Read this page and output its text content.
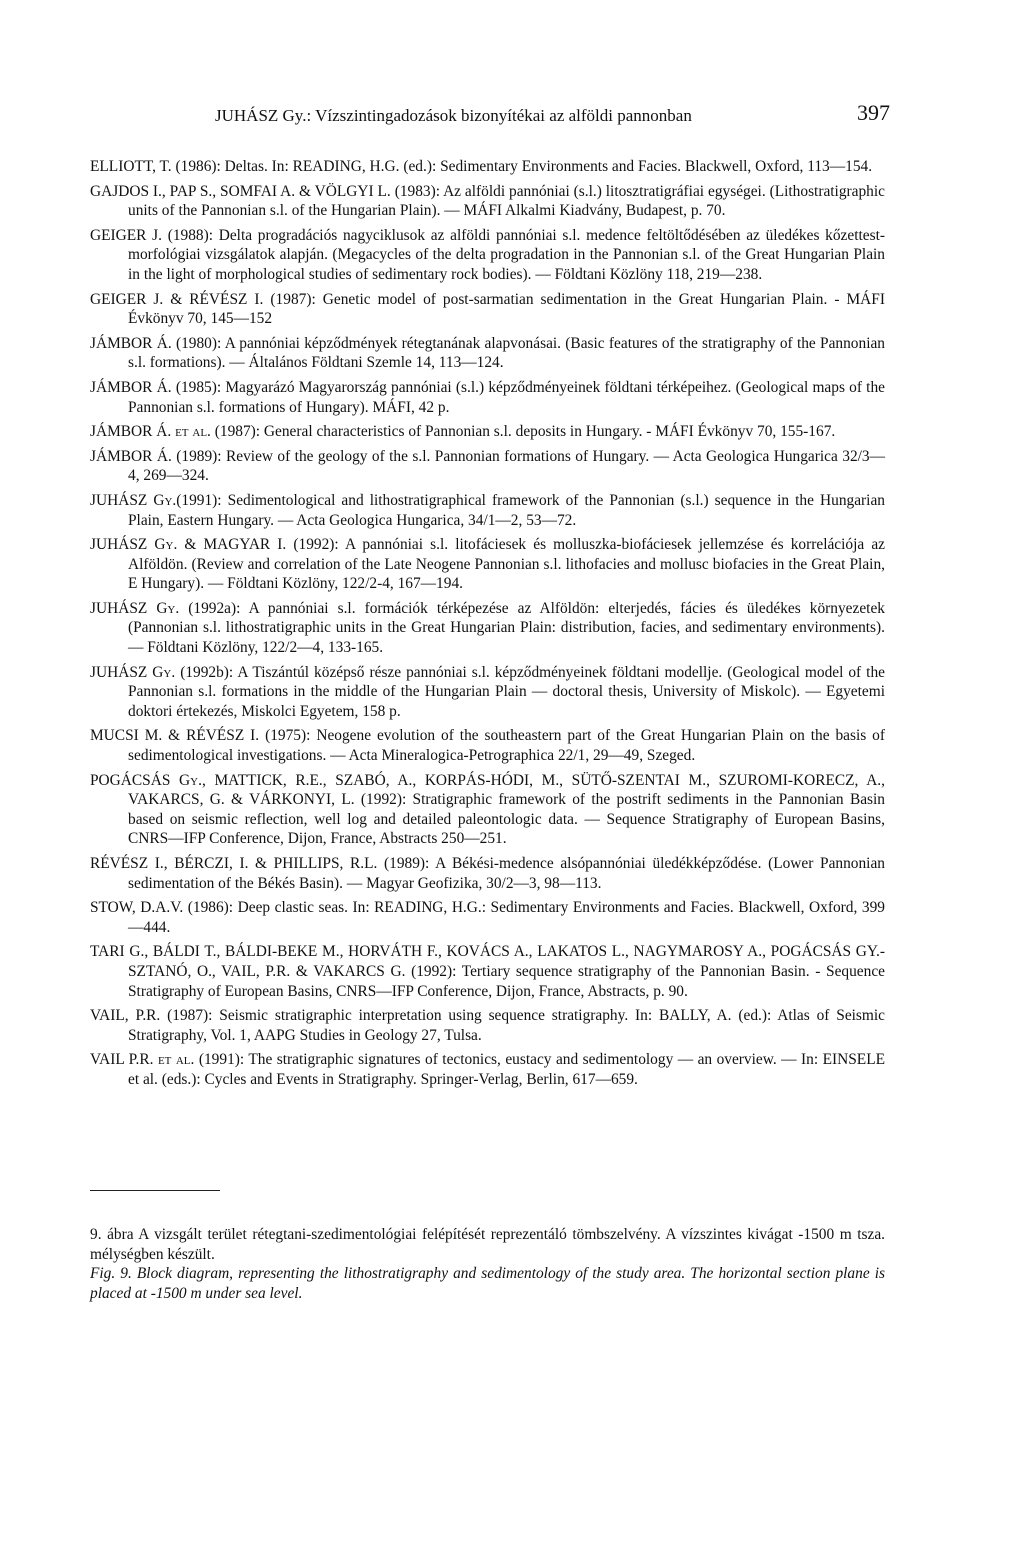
JUHÁSZ Gy.: Vízszintingadozások bizonyítékai az alföldi pannonban	397

ELLIOTT, T. (1986): Deltas. In: READING, H.G. (ed.): Sedimentary Environments and Facies. Blackwell, Oxford, 113—154.

GAJDOS I., PAP S., SOMFAI A. & VÖLGYI L. (1983): Az alföldi pannóniai (s.l.) litosztratigráfiai egységei. (Lithostratigraphic units of the Pannonian s.l. of the Hungarian Plain). — MÁFI Alkalmi Kiadvány, Budapest, p. 70.

GEIGER J. (1988): Delta progradációs nagyciklusok az alföldi pannóniai s.l. medence feltöltődésében az üledékes kőzettest-morfológiai vizsgálatok alapján. (Megacycles of the delta progradation in the Pannonian s.l. of the Great Hungarian Plain in the light of morphological studies of sedimentary rock bodies). — Földtani Közlöny 118, 219—238.

GEIGER J. & RÉVÉSZ I. (1987): Genetic model of post-sarmatian sedimentation in the Great Hungarian Plain. - MÁFI Évkönyv 70, 145—152

JÁMBOR Á. (1980): A pannóniai képződmények rétegtanának alapvonásai. (Basic features of the stratigraphy of the Pannonian s.l. formations). — Általános Földtani Szemle 14, 113—124.

JÁMBOR Á. (1985): Magyarázó Magyarország pannóniai (s.l.) képződményeinek földtani térképeihez. (Geological maps of the Pannonian s.l. formations of Hungary). MÁFI, 42 p.

JÁMBOR Á. et al. (1987): General characteristics of Pannonian s.l. deposits in Hungary. - MÁFI Évkönyv 70, 155-167.

JÁMBOR Á. (1989): Review of the geology of the s.l. Pannonian formations of Hungary. — Acta Geologica Hungarica 32/3—4, 269—324.

JUHÁSZ Gy.(1991): Sedimentological and lithostratigraphical framework of the Pannonian (s.l.) sequence in the Hungarian Plain, Eastern Hungary. — Acta Geologica Hungarica, 34/1—2, 53—72.

JUHÁSZ Gy. & MAGYAR I. (1992): A pannóniai s.l. litofáciesek és molluszka-biofáciesek jellemzése és korrelációja az Alföldön. (Review and correlation of the Late Neogene Pannonian s.l. lithofacies and mollusc biofacies in the Great Plain, E Hungary). — Földtani Közlöny, 122/2-4, 167—194.

JUHÁSZ Gy. (1992a): A pannóniai s.l. formációk térképezése az Alföldön: elterjedés, fácies és üledékes környezetek (Pannonian s.l. lithostratigraphic units in the Great Hungarian Plain: distribution, facies, and sedimentary environments). — Földtani Közlöny, 122/2—4, 133-165.

JUHÁSZ Gy. (1992b): A Tiszántúl középső része pannóniai s.l. képződményeinek földtani modellje. (Geological model of the Pannonian s.l. formations in the middle of the Hungarian Plain — doctoral thesis, University of Miskolc). — Egyetemi doktori értekezés, Miskolci Egyetem, 158 p.

MUCSI M. & RÉVÉSZ I. (1975): Neogene evolution of the southeastern part of the Great Hungarian Plain on the basis of sedimentological investigations. — Acta Mineralogica-Petrographica 22/1, 29—49, Szeged.

POGÁCSÁS Gy., MATTICK, R.E., SZABÓ, A., KORPÁS-HÓDI, M., SÜTŐ-SZENTAI M., SZUROMI-KORECZ, A., VAKARCS, G. & VÁRKONYI, L. (1992): Stratigraphic framework of the postrift sediments in the Pannonian Basin based on seismic reflection, well log and detailed paleontologic data. — Sequence Stratigraphy of European Basins, CNRS—IFP Conference, Dijon, France, Abstracts 250—251.

RÉVÉSZ I., BÉRCZI, I. & PHILLIPS, R.L. (1989): A Békési-medence alsópannóniai üledékképződése. (Lower Pannonian sedimentation of the Békés Basin). — Magyar Geofizika, 30/2—3, 98—113.

STOW, D.A.V. (1986): Deep clastic seas. In: READING, H.G.: Sedimentary Environments and Facies. Blackwell, Oxford, 399—444.

TARI G., BÁLDI T., BÁLDI-BEKE M., HORVÁTH F., KOVÁCS A., LAKATOS L., NAGYMAROSY A., POGÁCSÁS GY.-SZTANÓ, O., VAIL, P.R. & VAKARCS G. (1992): Tertiary sequence stratigraphy of the Pannonian Basin. - Sequence Stratigraphy of European Basins, CNRS—IFP Conference, Dijon, France, Abstracts, p. 90.

VAIL, P.R. (1987): Seismic stratigraphic interpretation using sequence stratigraphy. In: BALLY, A. (ed.): Atlas of Seismic Stratigraphy, Vol. 1, AAPG Studies in Geology 27, Tulsa.

VAIL P.R. et al. (1991): The stratigraphic signatures of tectonics, eustacy and sedimentology — an overview. — In: EINSELE et al. (eds.): Cycles and Events in Stratigraphy. Springer-Verlag, Berlin, 617—659.

9. ábra A vizsgált terület rétegtani-szedimentológiai felépítését reprezentáló tömbszelvény. A vízszintes kivágat -1500 m tsza. mélységben készült.

Fig. 9. Block diagram, representing the lithostratigraphy and sedimentology of the study area. The horizontal section plane is placed at -1500 m under sea level.
